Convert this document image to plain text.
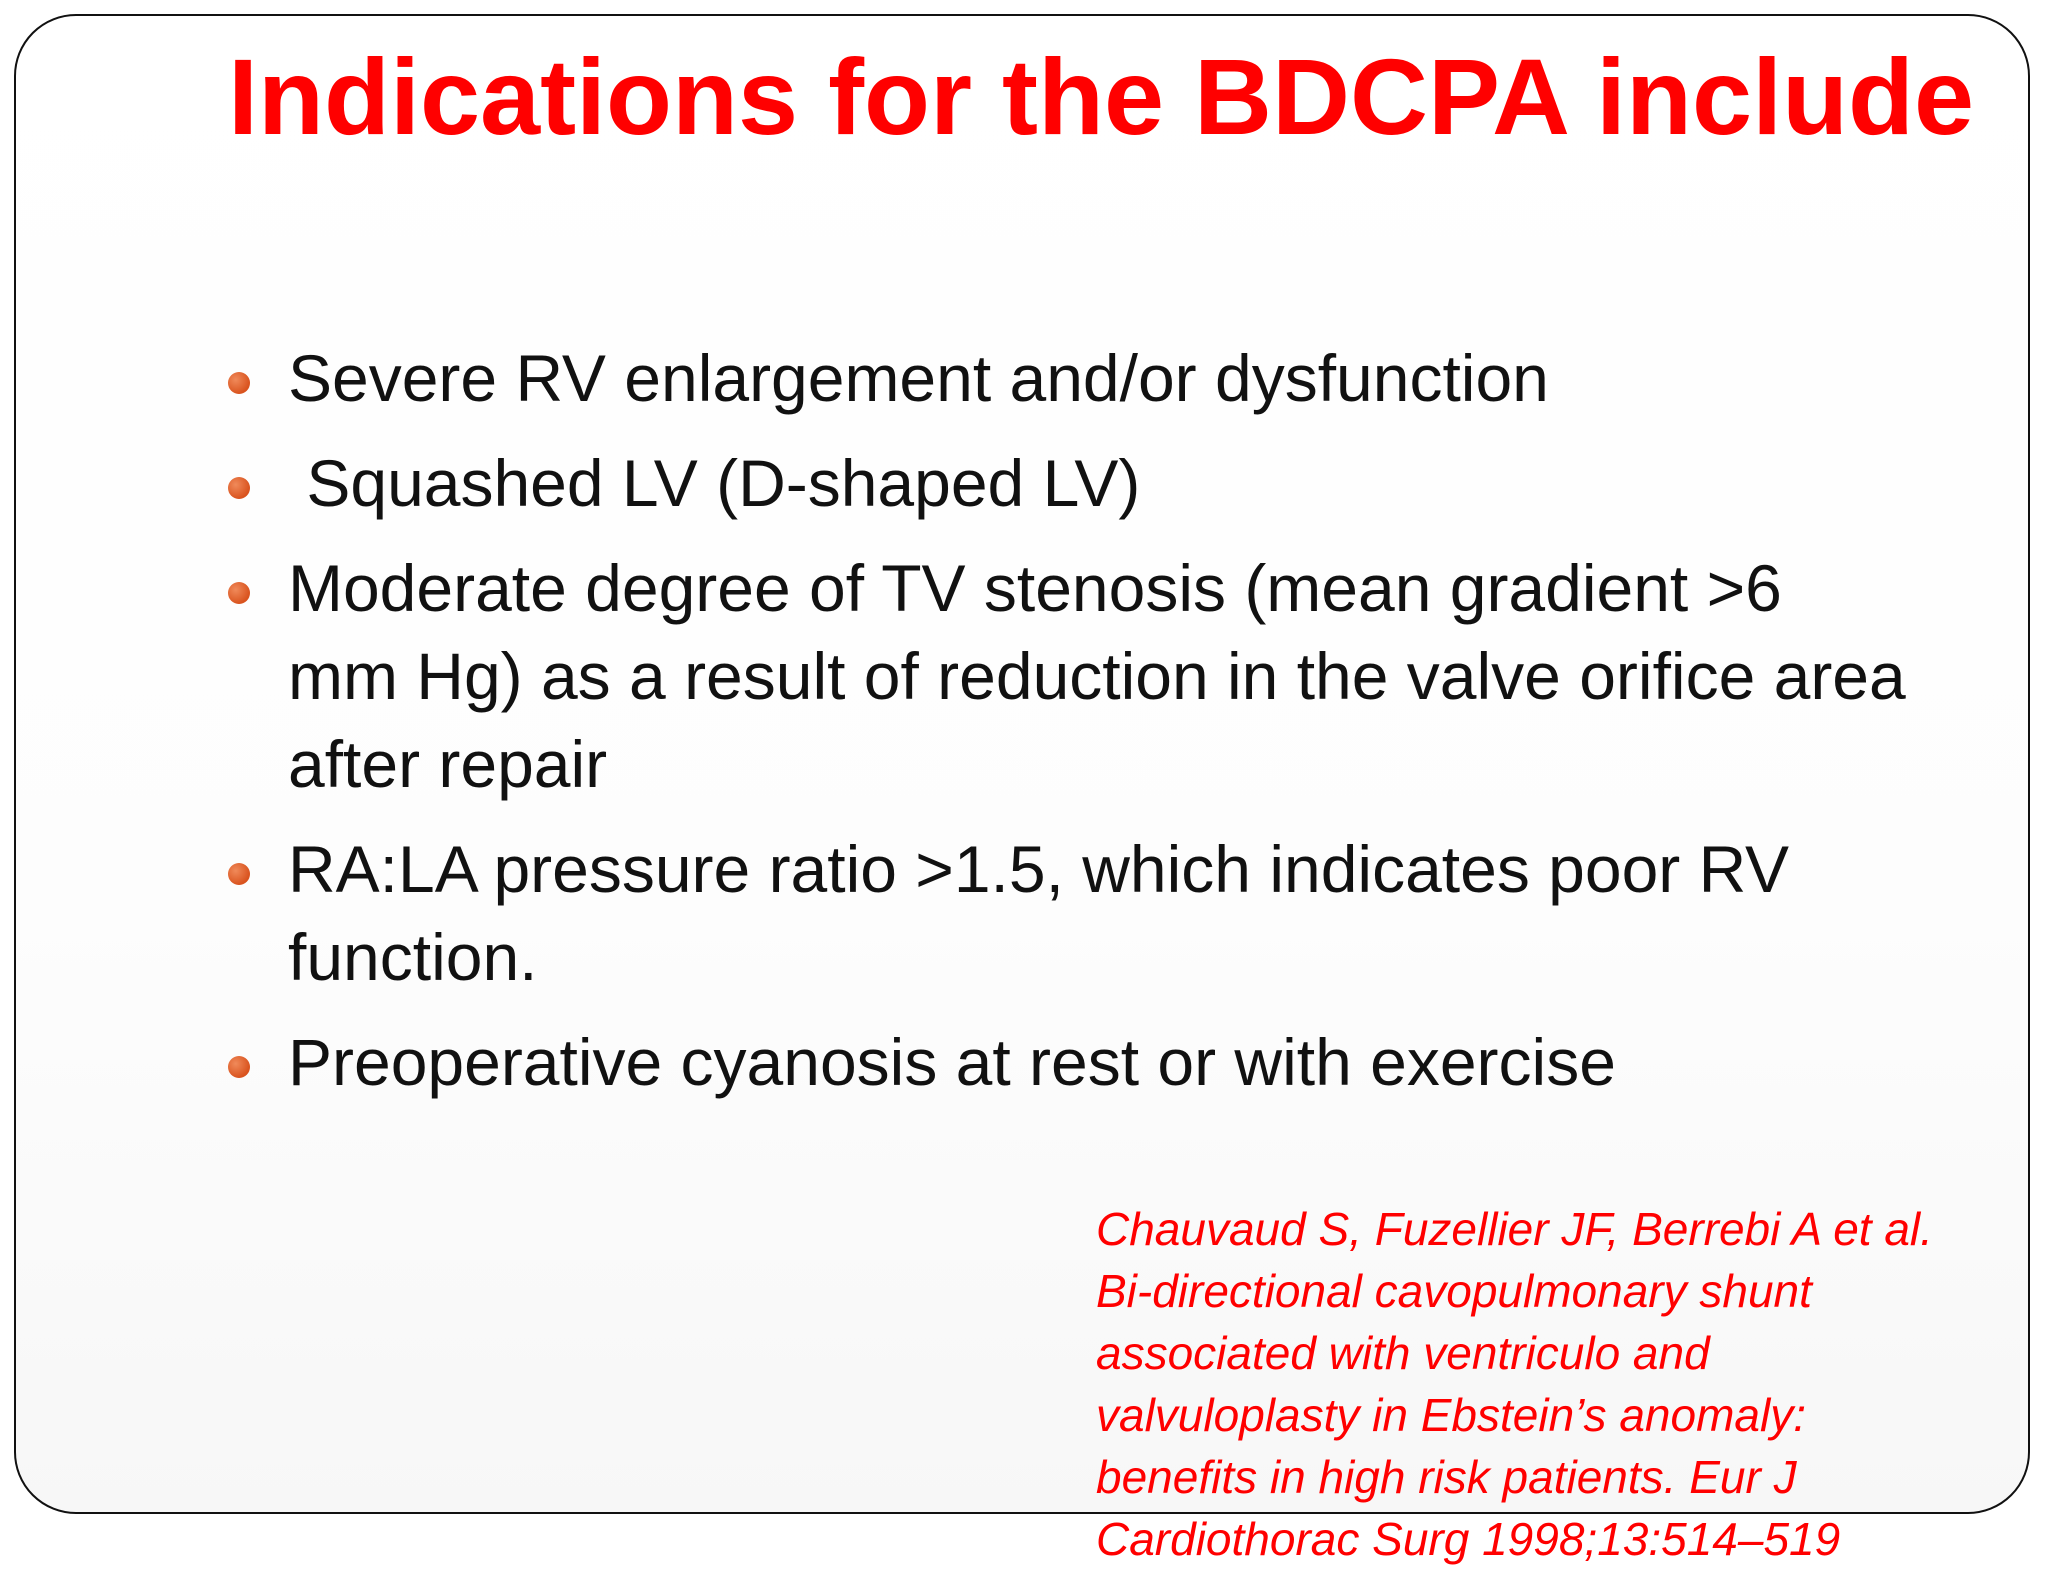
Indications for the BDCPA include
Severe RV enlargement and/or dysfunction
Squashed LV (D-shaped LV)
Moderate degree of TV stenosis (mean gradient >6 mm Hg) as a result of reduction in the valve orifice area after repair
RA:LA pressure ratio >1.5, which indicates poor RV function.
Preoperative cyanosis at rest or with exercise

Chauvaud S, Fuzellier JF, Berrebi A et al.
Bi-directional cavopulmonary shunt
associated with ventriculo and
valvuloplasty in Ebstein’s anomaly:
benefits in high risk patients. Eur J
Cardiothorac Surg 1998;13:514–519
